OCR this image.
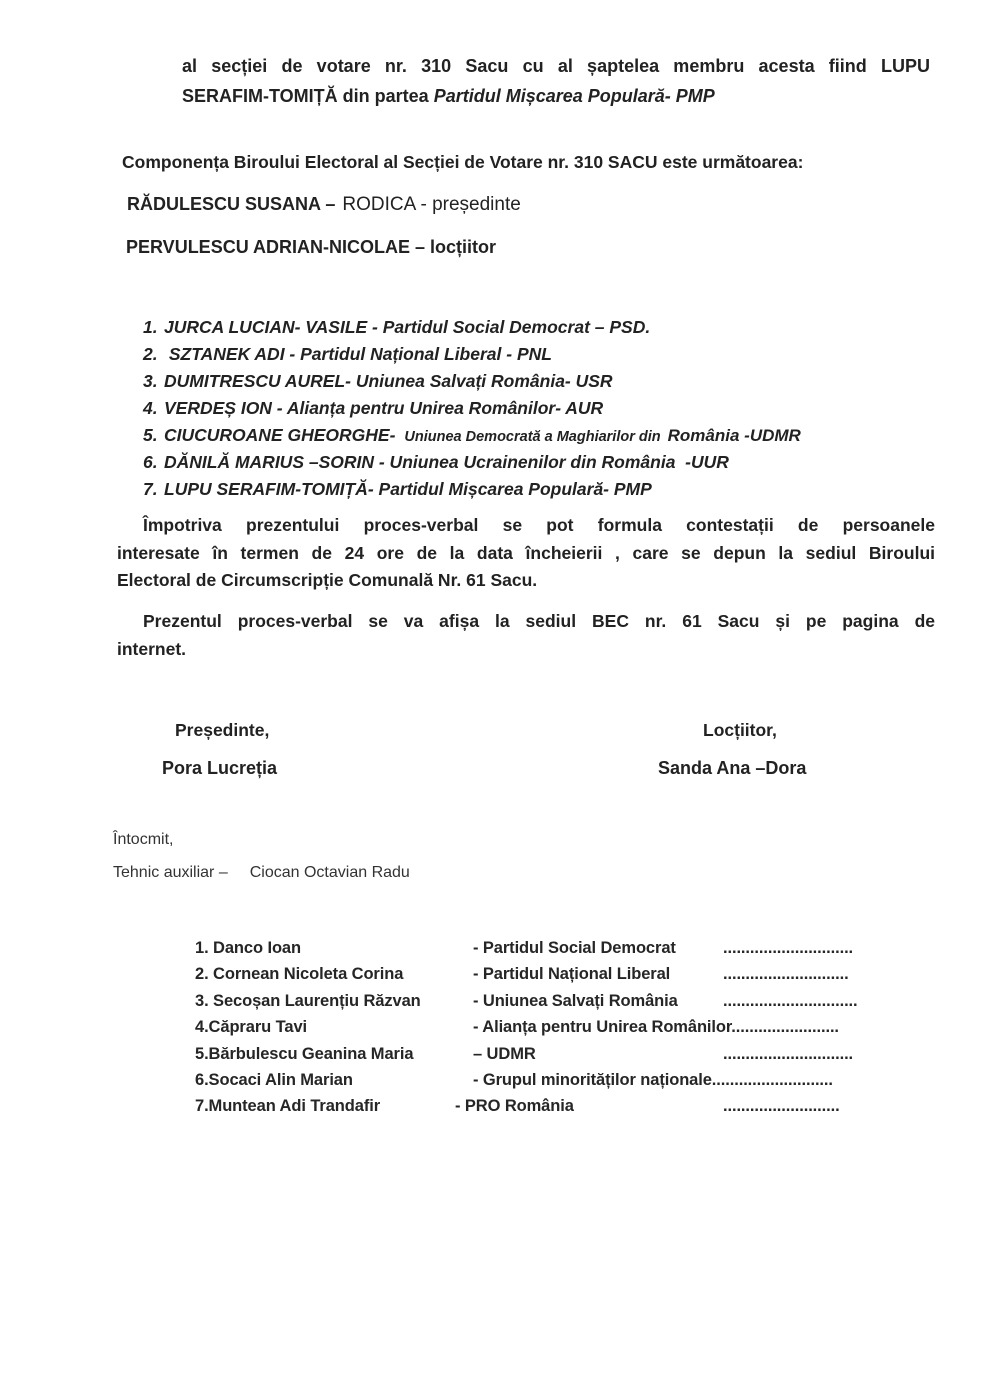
al secției de votare nr. 310 Sacu cu al șaptelea membru acesta fiind LUPU
SERAFIM-TOMIȚĂ din partea Partidul Mișcarea Populară- PMP
Componența Biroului Electoral al Secției de Votare nr. 310 SACU este următoarea:
RĂDULESCU SUSANA – RODICA - președinte
PERVULESCU ADRIAN-NICOLAE – locțiitor
1. JURCA LUCIAN- VASILE - Partidul Social Democrat – PSD.
2. SZTANEK ADI - Partidul Național Liberal - PNL
3. DUMITRESCU AUREL- Uniunea Salvați România- USR
4. VERDEȘ ION - Alianța pentru Unirea Românilor- AUR
5. CIUCUROANE GHEORGHE- Uniunea Democrată a Maghiarilor din România -UDMR
6. DĂNILĂ MARIUS –SORIN - Uniunea Ucrainenilor din România  -UUR
7. LUPU SERAFIM-TOMIȚĂ- Partidul Mișcarea Populară- PMP
Împotriva prezentului proces-verbal se pot formula contestații de persoanele
interesate în termen de 24 ore de la data încheierii , care se depun la sediul Biroului
Electoral de Circumscripție Comunală Nr. 61 Sacu.
Prezentul proces-verbal se va afișa la sediul BEC nr. 61 Sacu și pe pagina de
internet.
Președinte,	Locțiitor,
Pora Lucreția	Sanda Ana –Dora
Întocmit,
Tehnic auxiliar – Ciocan Octavian Radu
1. Danco Ioan	- Partidul Social Democrat	.............................
2. Cornean Nicoleta Corina	- Partidul Național Liberal	............................
3. Secoșan Laurențiu Răzvan	- Uniunea Salvați România	..............................
4.Căpraru Tavi	- Alianța pentru Unirea Românilor........................
5.Bărbulescu Geanina Maria	– UDMR	.............................
6.Socaci Alin Marian	- Grupul minorităților naționale...........................
7.Muntean Adi Trandafir	- PRO România	..........................
